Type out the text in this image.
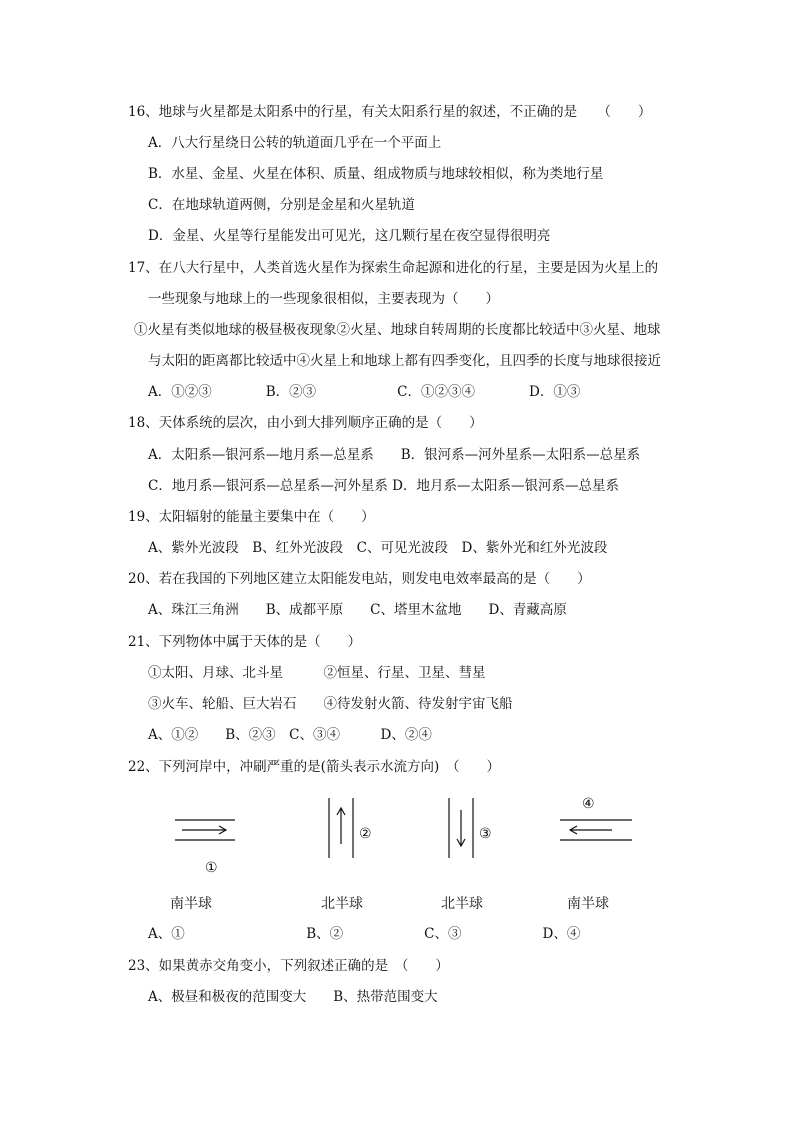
16、地球与火星都是太阳系中的行星，有关太阳系行星的叙述，不正确的是　　（　　）
A．八大行星绕日公转的轨道面几乎在一个平面上
B．水星、金星、火星在体积、质量、组成物质与地球较相似，称为类地行星
C．在地球轨道两侧，分别是金星和火星轨道
D．金星、火星等行星能发出可见光，这几颗行星在夜空显得很明亮
17、在八大行星中，人类首选火星作为探索生命起源和进化的行星，主要是因为火星上的
一些现象与地球上的一些现象很相似，主要表现为（　　）
①火星有类似地球的极昼极夜现象②火星、地球自转周期的长度都比较适中③火星、地球
与太阳的距离都比较适中④火星上和地球上都有四季变化，且四季的长度与地球很接近
A．①②③　　　　B．②③　　　　　　C．①②③④　　　　D．①③
18、天体系统的层次，由小到大排列顺序正确的是（　　）
A．太阳系—银河系—地月系—总星系　　B．银河系—河外星系—太阳系—总星系
C．地月系—银河系—总星系—河外星系 D．地月系—太阳系—银河系—总星系
19、太阳辐射的能量主要集中在（　　）
A、紫外光波段　B、红外光波段　C、可见光波段　D、紫外光和红外光波段
20、若在我国的下列地区建立太阳能发电站，则发电电效率最高的是（　　）
A、珠江三角洲　　B、成都平原　　C、塔里木盆地　　D、青藏高原
21、下列物体中属于天体的是（　　）
①太阳、月球、北斗星　　　②恒星、行星、卫星、彗星
③火车、轮船、巨大岩石　　④待发射火箭、待发射宇宙飞船
A、①②　　B、②③　C、③④　　　D、②④
22、下列河岸中，冲刷严重的是(箭头表示水流方向)　（　　）
①
②	③
④
南半球	北半球	北半球	南半球
A、①　　　　　　　　　B、②　　　　　　C、③　　　　　　D、④
23、如果黄赤交角变小，下列叙述正确的是　（　　）
A、极昼和极夜的范围变大　　B、热带范围变大
